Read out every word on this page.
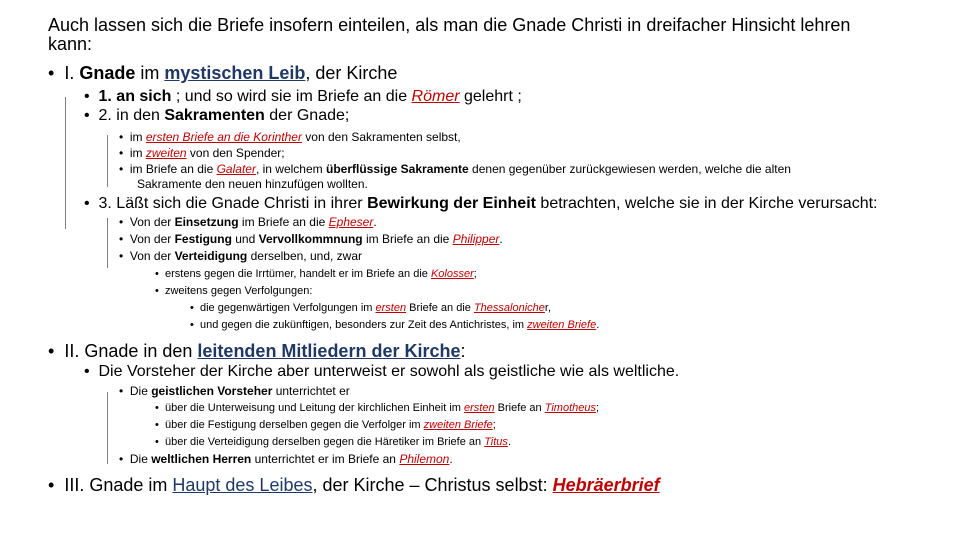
Auch lassen sich die Briefe insofern einteilen, als man die Gnade Christi in dreifacher Hinsicht lehren
kann:
• I. Gnade im mystischen Leib, der Kirche
• 1. an sich ; und so wird sie im Briefe an die Römer gelehrt ;
• 2. in den Sakramenten der Gnade;
• im ersten Briefe an die Korinther von den Sakramenten selbst,
• im zweiten von den Spender;
• im Briefe an die Galater, in welchem überflüssige Sakramente denen gegenüber zurückgewiesen werden, welche die alten
Sakramente den neuen hinzufügen wollten.
• 3. Läßt sich die Gnade Christi in ihrer Bewirkung der Einheit betrachten, welche sie in der Kirche verursacht:
• Von der Einsetzung im Briefe an die Epheser.
• Von der Festigung und Vervollkommnung im Briefe an die Philipper.
• Von der Verteidigung derselben, und, zwar
• erstens gegen die Irrtümer, handelt er im Briefe an die Kolosser;
• zweitens gegen Verfolgungen:
• die gegenwärtigen Verfolgungen im ersten Briefe an die Thessalonicher,
• und gegen die zukünftigen, besonders zur Zeit des Antichristes, im zweiten Briefe.
• II. Gnade in den leitenden Mitliedern der Kirche:
• Die Vorsteher der Kirche aber unterweist er sowohl als geistliche wie als weltliche.
• Die geistlichen Vorsteher unterrichtet er
• über die Unterweisung und Leitung der kirchlichen Einheit im ersten Briefe an Timotheus;
• über die Festigung derselben gegen die Verfolger im zweiten Briefe;
• über die Verteidigung derselben gegen die Häretiker im Briefe an Titus.
• Die weltlichen Herren unterrichtet er im Briefe an Philemon.
• III. Gnade im Haupt des Leibes, der Kirche – Christus selbst: Hebräerbrief
